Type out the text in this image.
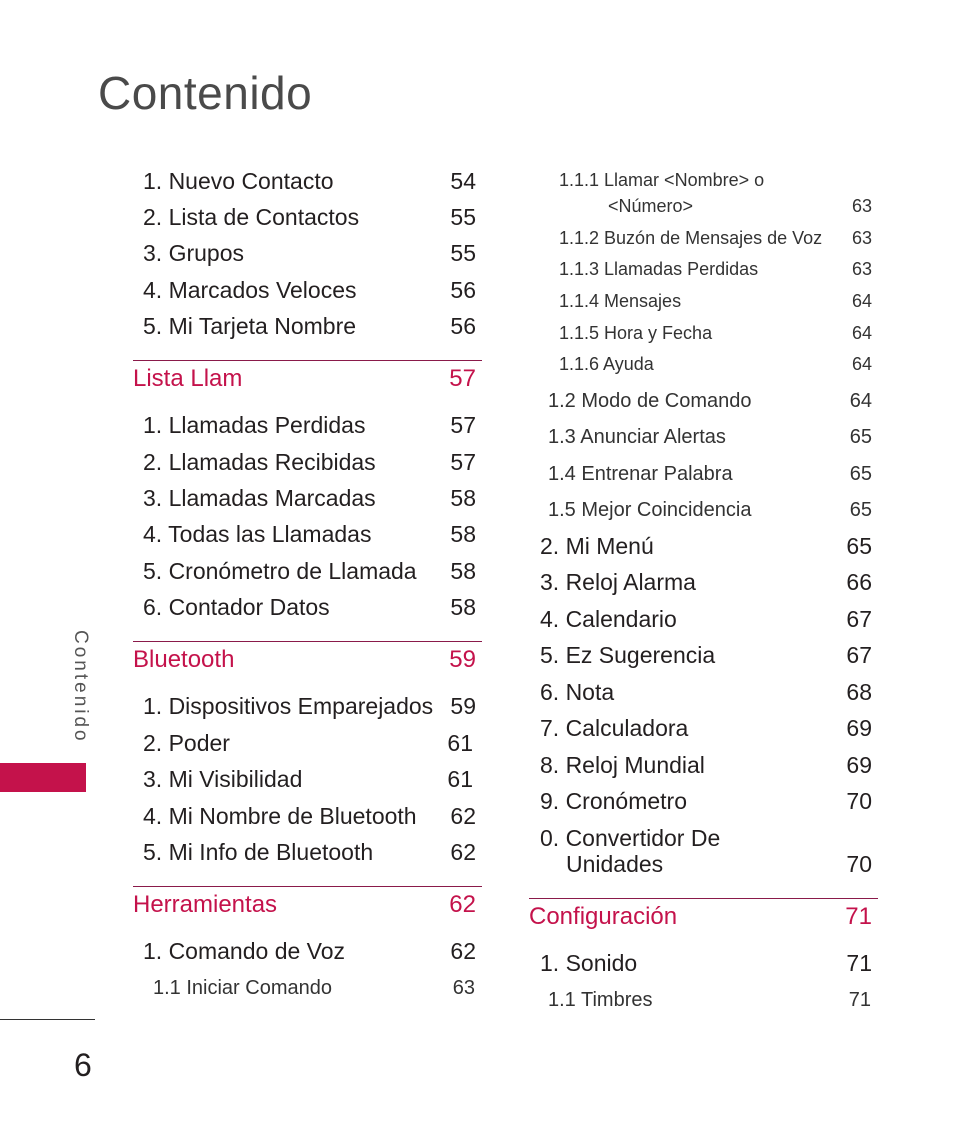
Contenido
1. Nuevo Contacto	54
2. Lista de Contactos	55
3. Grupos	55
4. Marcados Veloces	56
5. Mi Tarjeta Nombre	56
Lista Llam	57
1. Llamadas Perdidas	57
2. Llamadas Recibidas	57
3. Llamadas Marcadas	58
4. Todas las Llamadas	58
5. Cronómetro de Llamada 58
6. Contador Datos	58
Bluetooth	59
1. Dispositivos Emparejados 59
2. Poder	61
3. Mi Visibilidad	61
4. Mi Nombre de Bluetooth 62
5. Mi Info de Bluetooth	62
Herramientas	62
1. Comando de Voz	62
1.1 Iniciar Comando	63
1.1.1 Llamar <Nombre> o
<Número>	63
1.1.2 Buzón de Mensajes de Voz 63
1.1.3 Llamadas Perdidas	63
1.1.4 Mensajes	64
1.1.5 Hora y Fecha	64
1.1.6 Ayuda	64
1.2 Modo de Comando	64
1.3 Anunciar Alertas	65
1.4 Entrenar Palabra	65
1.5 Mejor Coincidencia	65
2. Mi Menú	65
3. Reloj Alarma	66
4. Calendario	67
5. Ez Sugerencia	67
6. Nota	68
7. Calculadora	69
8. Reloj Mundial	69
9. Cronómetro	70
0. Convertidor De
Unidades	70
Configuración	71
1. Sonido	71
1.1 Timbres	71
Contenido
6
